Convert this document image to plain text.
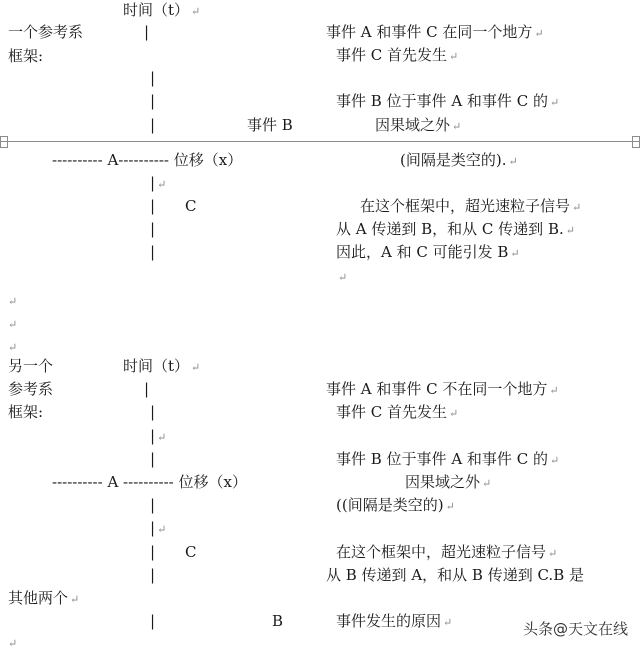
时间（t） ↵
一个参考系
框架:
|
|
|
|
事件 A 和事件 C 在同一个地方 ↵
事件 C 首先发生 ↵
事件 B 位于事件 A 和事件 C 的 ↵
事件 B	因果域之外 ↵
---------- A---------- 位移（x）	(间隔是类空的). ↵
| ↵
| C	在这个框架中，超光速粒子信号 ↵
|	从 A 传递到 B，和从 C 传递到 B. ↵
|	因此，A 和 C 可能引发 B ↵
↵
↵
↵
↵
另一个	时间（t） ↵
参考系
框架:
|
|
| ↵
|
事件 A 和事件 C 不在同一个地方 ↵
事件 C 首先发生 ↵
事件 B 位于事件 A 和事件 C 的 ↵
---------- A ---------- 位移（x）	因果域之外 ↵
((间隔是类空的) ↵
|
| ↵
| C	在这个框架中，超光速粒子信号 ↵
|	从 B 传递到 A，和从 B 传递到 C.B 是
其他两个 ↵
|	B	事件发生的原因 ↵
↵
头条@天文在线
